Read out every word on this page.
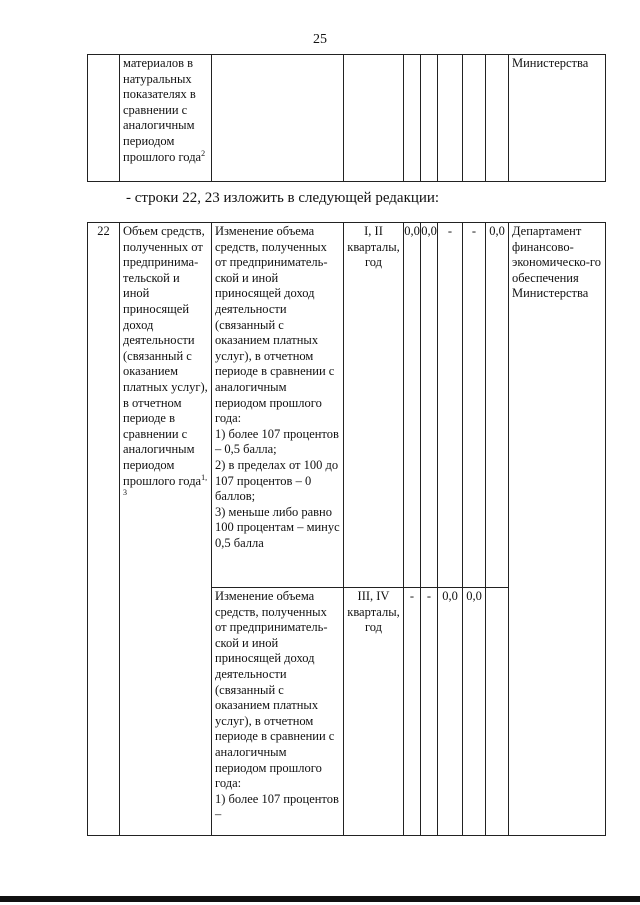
25
	материалов в натуральных показателях в сравнении с аналогичным периодом прошлого года$^2$								Министерства
- строки 22, 23 изложить в следующей редакции:
22	Объем средств, полученных от предпринима-тельской и иной приносящей доход деятельности (связанный с оказанием платных услуг), в отчетном периоде в сравнении с аналогичным периодом прошлого года$^{1, 3}$	Изменение объема средств, полученных от предприниматель-ской и иной приносящей доход деятельности (связанный с оказанием платных услуг), в отчетном периоде в сравнении с аналогичным периодом прошлого года:
1) более 107 процентов – 0,5 балла;
2) в пределах от 100 до 107 процентов – 0 баллов;
3) меньше либо равно 100 процентам – минус 0,5 балла	I, II кварталы, год	0,0	0,0	-	-	0,0	Департамент финансово-экономическо-го обеспечения Министерства

		Изменение объема средств, полученных от предприниматель-ской и иной приносящей доход деятельности (связанный с оказанием платных услуг), в отчетном периоде в сравнении с аналогичным периодом прошлого года:
1) более 107 процентов –	III, IV кварталы, год	-	-	0,0	0,0		
